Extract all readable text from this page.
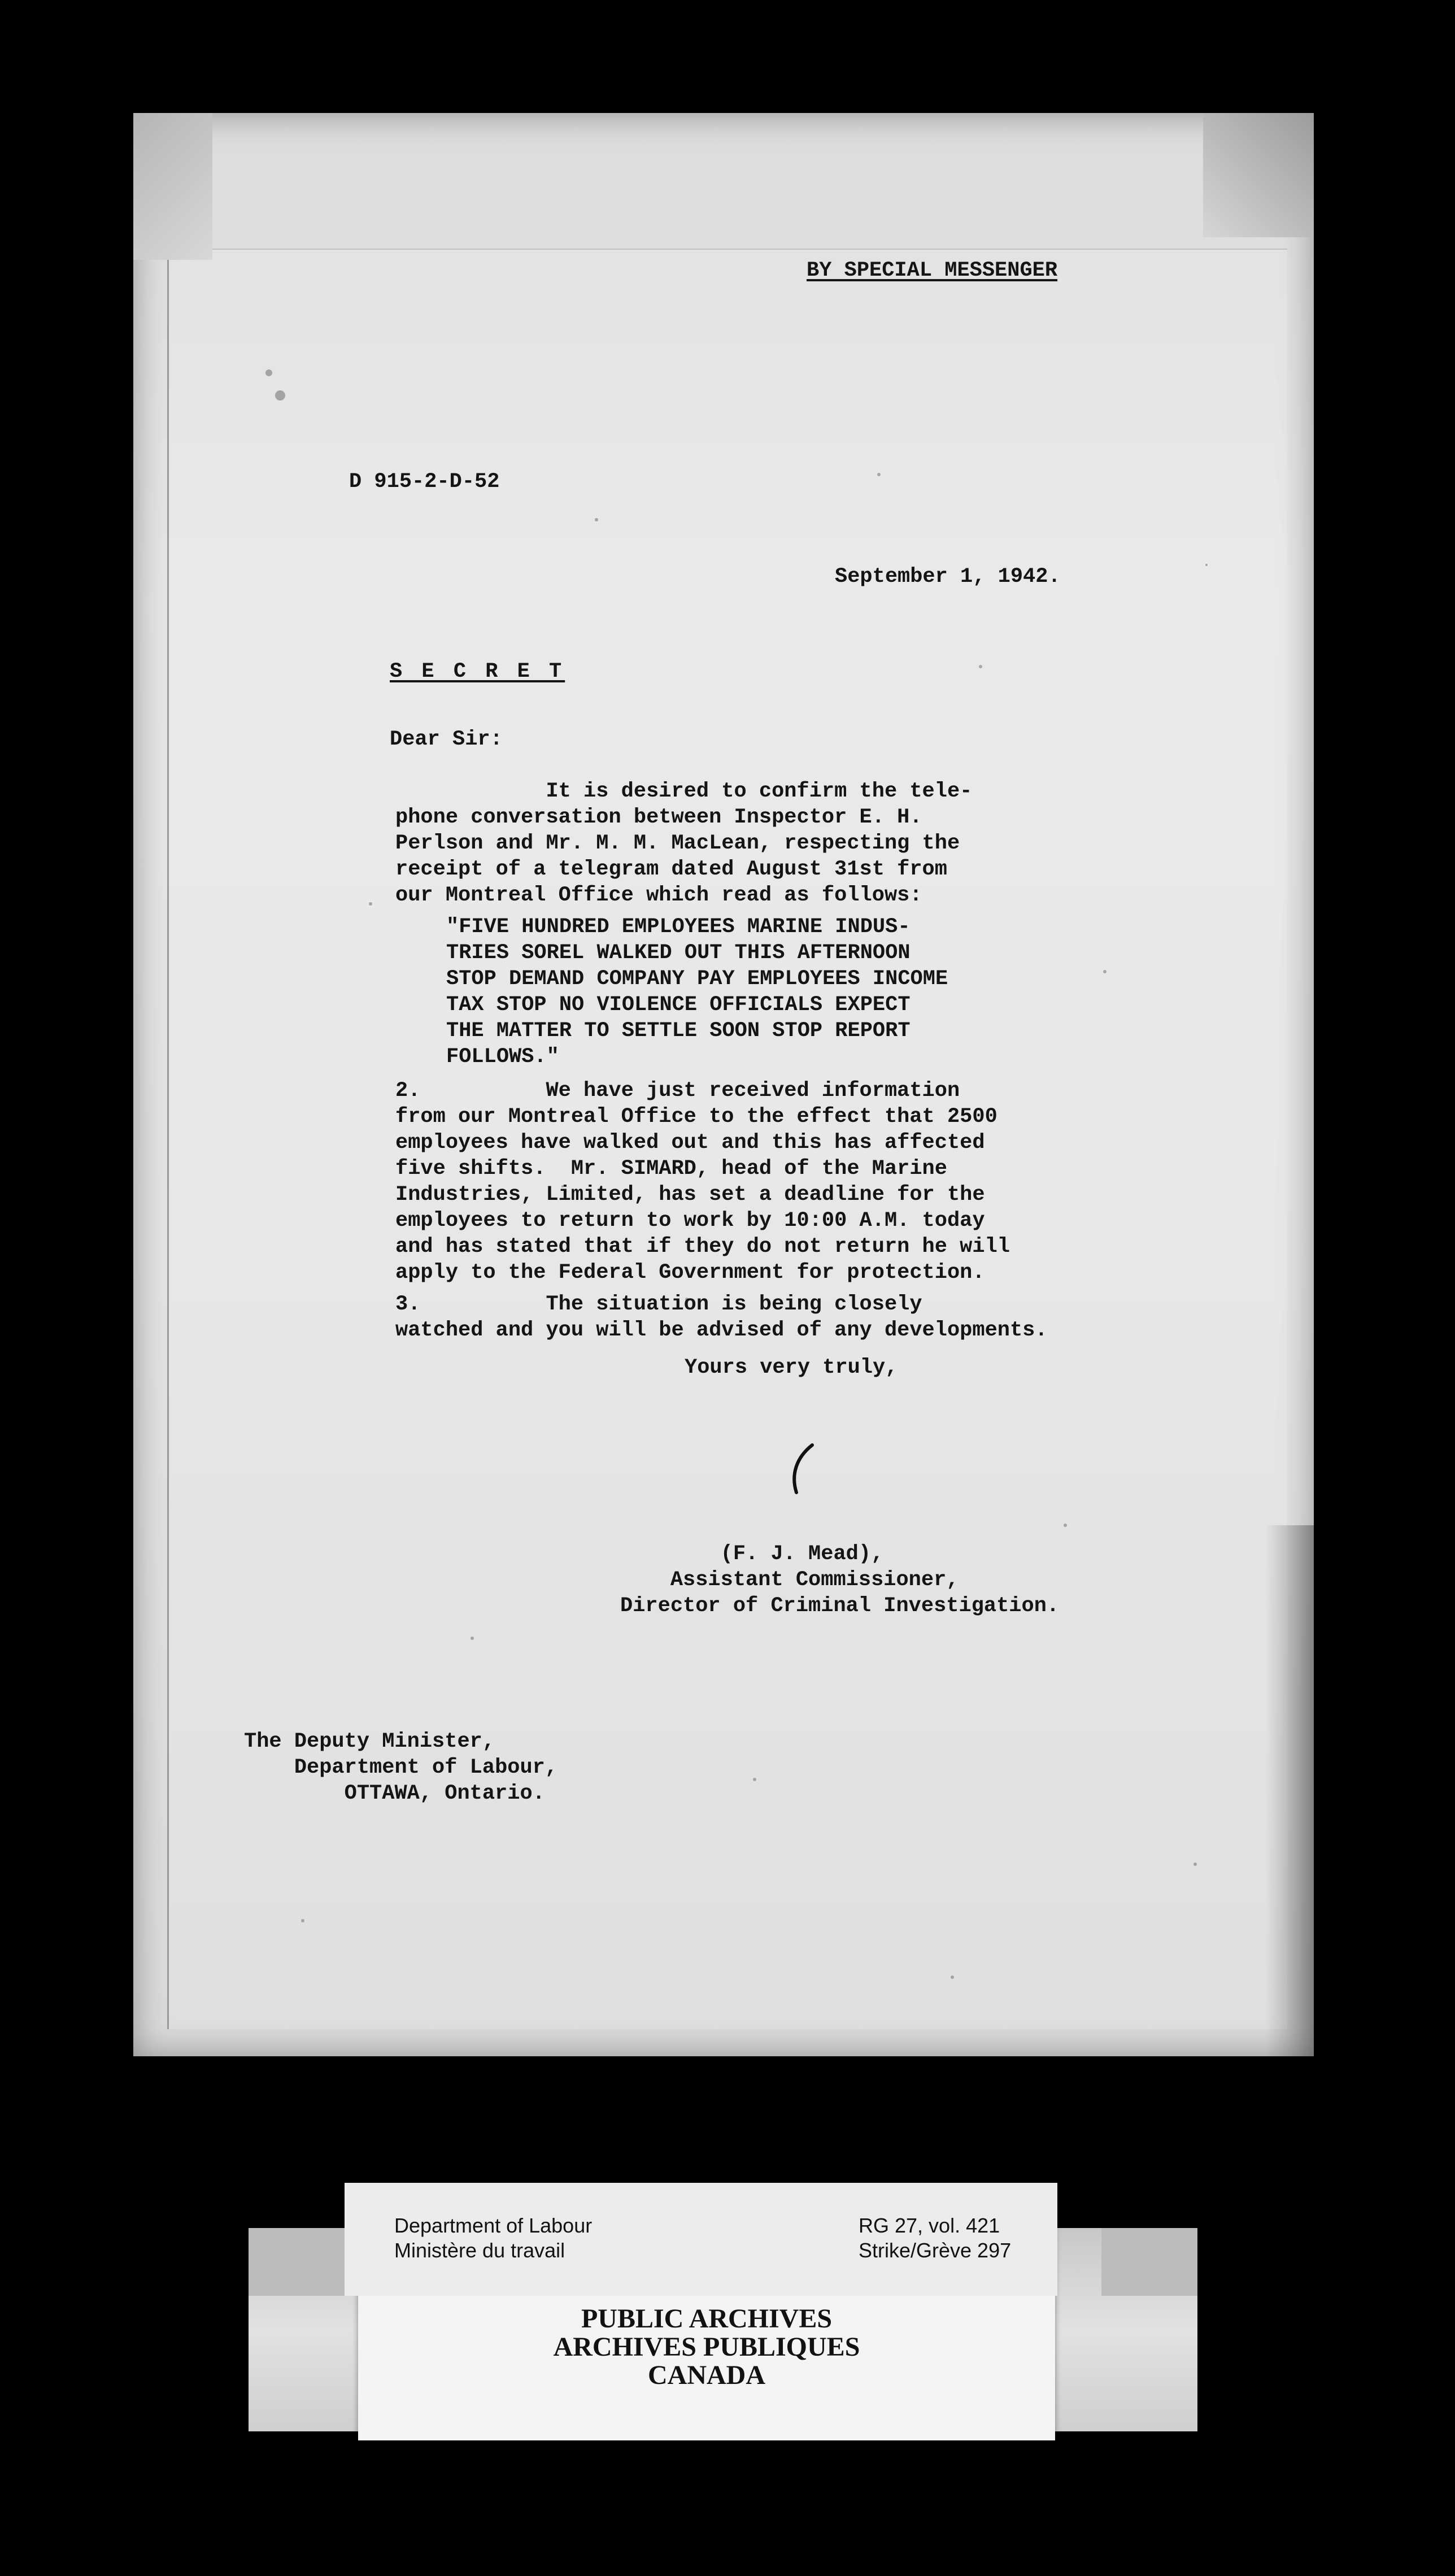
BY SPECIAL MESSENGER

D 915-2-D-52

September 1, 1942.

S E C R E T

Dear Sir:

It is desired to confirm the tele-
phone conversation between Inspector E. H.
Perlson and Mr. M. M. MacLean, respecting the
receipt of a telegram dated August 31st from
our Montreal Office which read as follows:

"FIVE HUNDRED EMPLOYEES MARINE INDUS-
TRIES SOREL WALKED OUT THIS AFTERNOON
STOP DEMAND COMPANY PAY EMPLOYEES INCOME
TAX STOP NO VIOLENCE OFFICIALS EXPECT
THE MATTER TO SETTLE SOON STOP REPORT
FOLLOWS."

2.          We have just received information
from our Montreal Office to the effect that 2500
employees have walked out and this has affected
five shifts.  Mr. SIMARD, head of the Marine
Industries, Limited, has set a deadline for the
employees to return to work by 10:00 A.M. today
and has stated that if they do not return he will
apply to the Federal Government for protection.

3.          The situation is being closely
watched and you will be advised of any developments.

Yours very truly,

(F. J. Mead),
Assistant Commissioner,
Director of Criminal Investigation.

The Deputy Minister,
Department of Labour,
OTTAWA, Ontario.

Department of Labour

Ministère du travail

RG 27, vol. 421

Strike/Grève 297

PUBLIC ARCHIVES

ARCHIVES PUBLIQUES

CANADA
